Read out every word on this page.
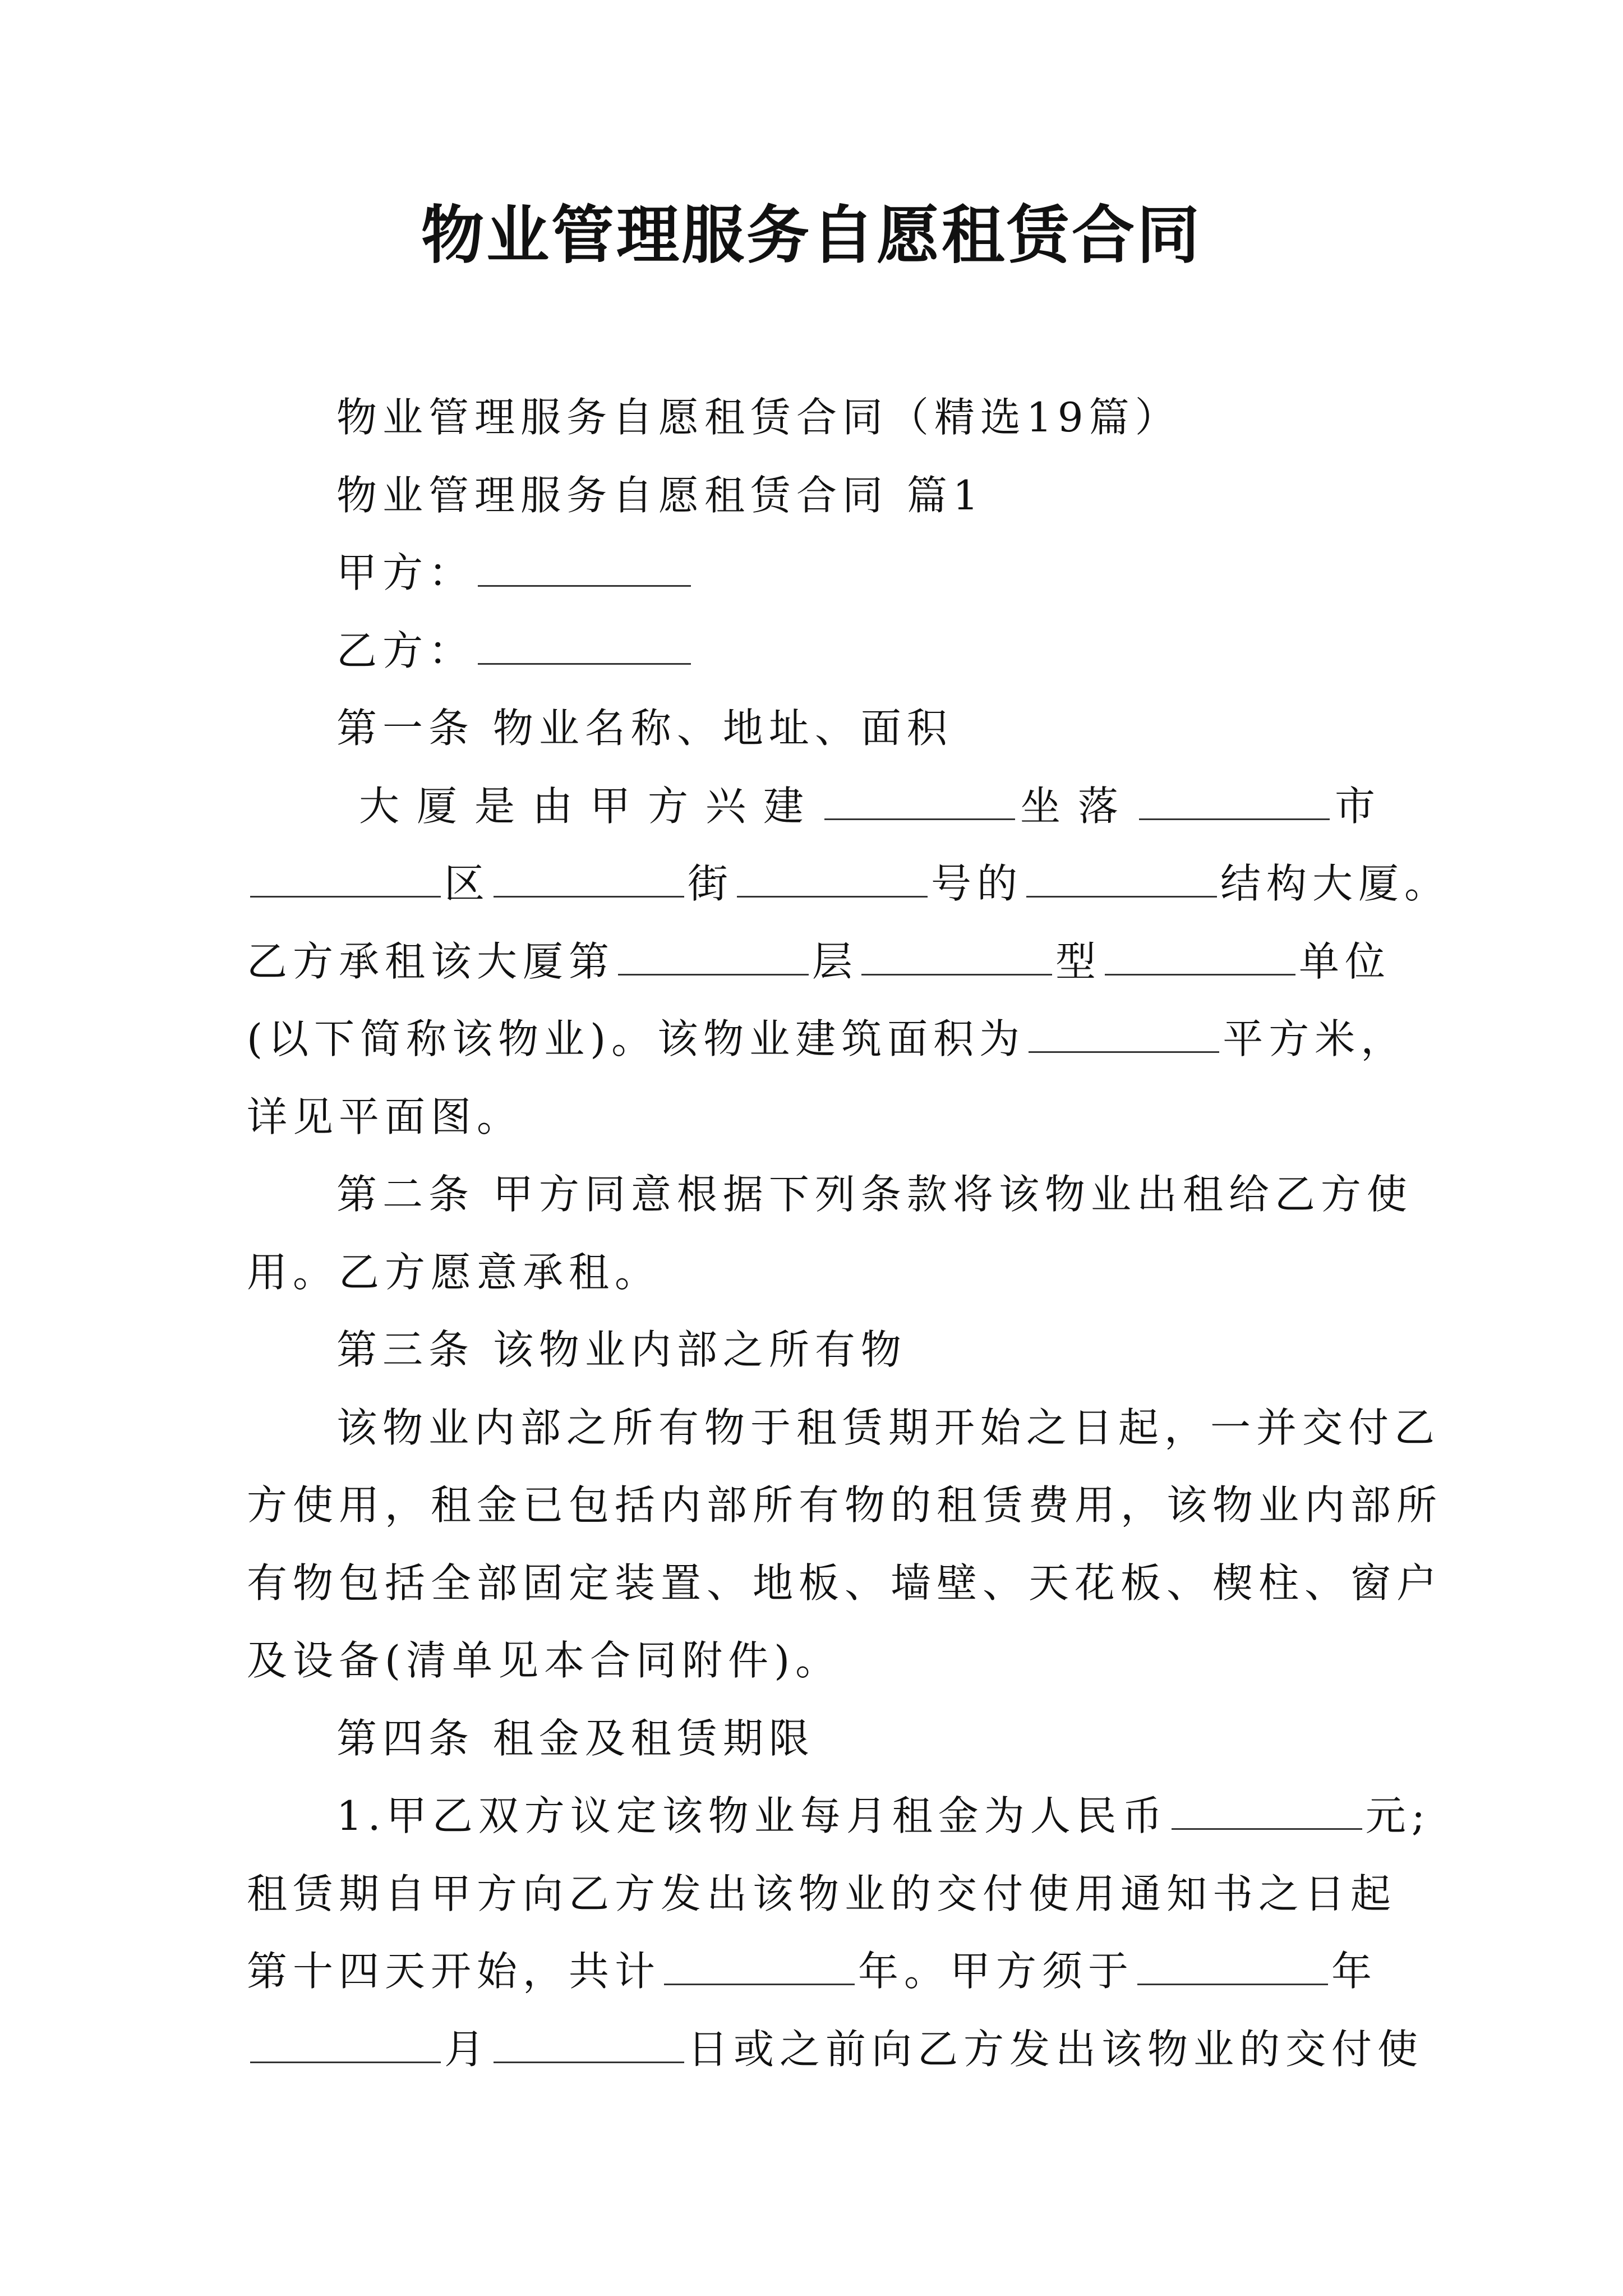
物业管理服务自愿租赁合同

物业管理服务自愿租赁合同（精选19篇）

物业管理服务自愿租赁合同 篇1

甲方：

乙方：

第一条 物业名称、地址、面积

大厦是由甲方兴建	坐落	市

区	街	号的	结构大厦。

乙方承租该大厦第	层	型	单位

(以下简称该物业)。该物业建筑面积为	平方米，

详见平面图。

第二条 甲方同意根据下列条款将该物业出租给乙方使

用。乙方愿意承租。

第三条 该物业内部之所有物

该物业内部之所有物于租赁期开始之日起，一并交付乙

方使用，租金已包括内部所有物的租赁费用，该物业内部所

有物包括全部固定装置、地板、墙壁、天花板、楔柱、窗户

及设备(清单见本合同附件)。

第四条 租金及租赁期限

1.甲乙双方议定该物业每月租金为人民币	元;

租赁期自甲方向乙方发出该物业的交付使用通知书之日起

第十四天开始，共计	年。甲方须于	年

月	日或之前向乙方发出该物业的交付使
